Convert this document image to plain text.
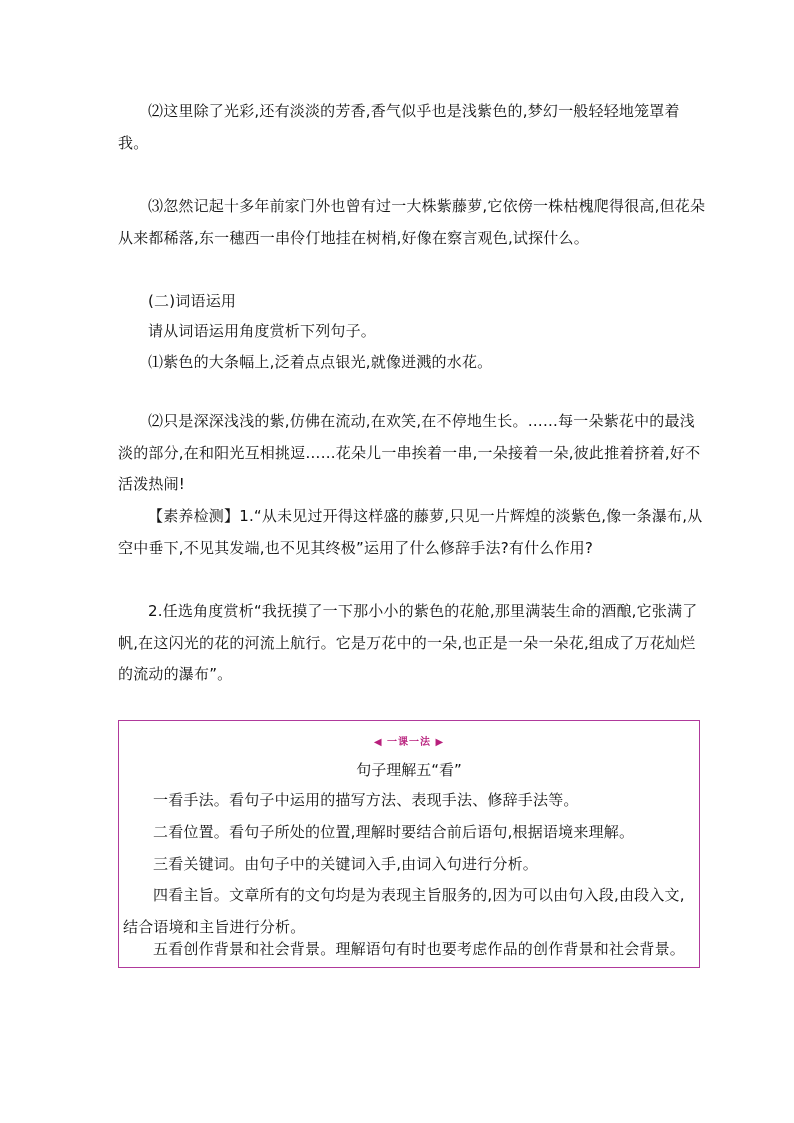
⑵这里除了光彩,还有淡淡的芳香,香气似乎也是浅紫色的,梦幻一般轻轻地笼罩着我。

⑶忽然记起十多年前家门外也曾有过一大株紫藤萝,它依傍一株枯槐爬得很高,但花朵从来都稀落,东一穗西一串伶仃地挂在树梢,好像在察言观色,试探什么。

(二)词语运用

请从词语运用角度赏析下列句子。

⑴紫色的大条幅上,泛着点点银光,就像迸溅的水花。

⑵只是深深浅浅的紫,仿佛在流动,在欢笑,在不停地生长。……每一朵紫花中的最浅淡的部分,在和阳光互相挑逗……花朵儿一串挨着一串,一朵接着一朵,彼此推着挤着,好不活泼热闹!

【素养检测】1.“从未见过开得这样盛的藤萝,只见一片辉煌的淡紫色,像一条瀑布,从空中垂下,不见其发端,也不见其终极”运用了什么修辞手法?有什么作用?

2.任选角度赏析“我抚摸了一下那小小的紫色的花舱,那里满装生命的酒酿,它张满了帆,在这闪光的花的河流上航行。它是万花中的一朵,也正是一朵一朵花,组成了万花灿烂的流动的瀑布”。

◀ 一课一法 ▶
句子理解五“看”

一看手法。看句子中运用的描写方法、表现手法、修辞手法等。

二看位置。看句子所处的位置,理解时要结合前后语句,根据语境来理解。

三看关键词。由句子中的关键词入手,由词入句进行分析。

四看主旨。文章所有的文句均是为表现主旨服务的,因为可以由句入段,由段入文,结合语境和主旨进行分析。

五看创作背景和社会背景。理解语句有时也要考虑作品的创作背景和社会背景。
